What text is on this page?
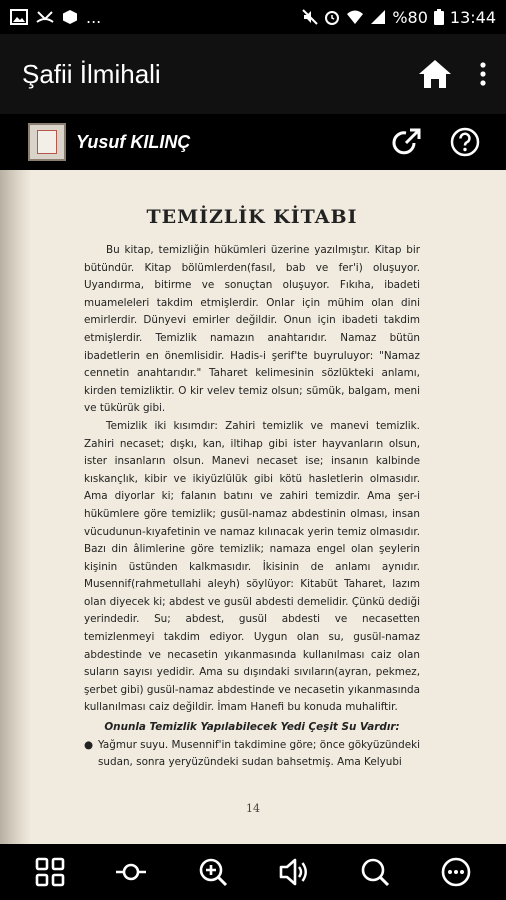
...	%80 13:44
Şafii İlmihali
Yusuf KILINÇ
TEMİZLİK KİTABI

Bu kitap, temizliğin hükümleri üzerine yazılmıştır. Kitap bir bütündür. Kitap bölümlerden(fasıl, bab ve fer'i) oluşuyor. Uyandırma, bitirme ve sonuçtan oluşuyor. Fıkıha, ibadeti muameleleri takdim etmişlerdir. Onlar için mühim olan dini emirlerdir. Dünyevi emirler değildir. Onun için ibadeti takdim etmişlerdir. Temizlik namazın anahtarıdır. Namaz bütün ibadetlerin en önemlisidir. Hadis-i şerif'te buyruluyor: "Namaz cennetin anahtarıdır." Taharet kelimesinin sözlükteki anlamı, kirden temizliktir. O kir velev temiz olsun; sümük, balgam, meni ve tükürük gibi.

Temizlik iki kısımdır: Zahiri temizlik ve manevi temizlik. Zahiri necaset; dışkı, kan, iltihap gibi ister hayvanların olsun, ister insanların olsun. Manevi necaset ise; insanın kalbinde kıskançlık, kibir ve ikiyüzlülük gibi kötü hasletlerin olmasıdır. Ama diyorlar ki; falanın batını ve zahiri temizdir. Ama şer-i hükümlere göre temizlik; gusül-namaz abdestinin olması, insan vücudunun-kıyafetinin ve namaz kılınacak yerin temiz olmasıdır. Bazı din âlimlerine göre temizlik; namaza engel olan şeylerin kişinin üstünden kalkmasıdır. İkisinin de anlamı aynıdır. Musennif(rahmetullahi aleyh) söylüyor: Kitabüt Taharet, lazım olan diyecek ki; abdest ve gusül abdesti demelidir. Çünkü dediği yerindedir. Su; abdest, gusül abdesti ve necasetten temizlenmeyi takdim ediyor. Uygun olan su, gusül-namaz abdestinde ve necasetin yıkanmasında kullanılması caiz olan suların sayısı yedidir. Ama su dışındaki sıvıların(ayran, pekmez, şerbet gibi) gusül-namaz abdestinde ve necasetin yıkanmasında kullanılması caiz değildir. İmam Hanefi bu konuda muhaliftir.

Onunla Temizlik Yapılabilecek Yedi Çeşit Su Vardır:
● Yağmur suyu. Musennif'in takdimine göre; önce gökyüzündeki sudan, sonra yeryüzündeki sudan bahsetmiş. Ama Kelyubi
14
